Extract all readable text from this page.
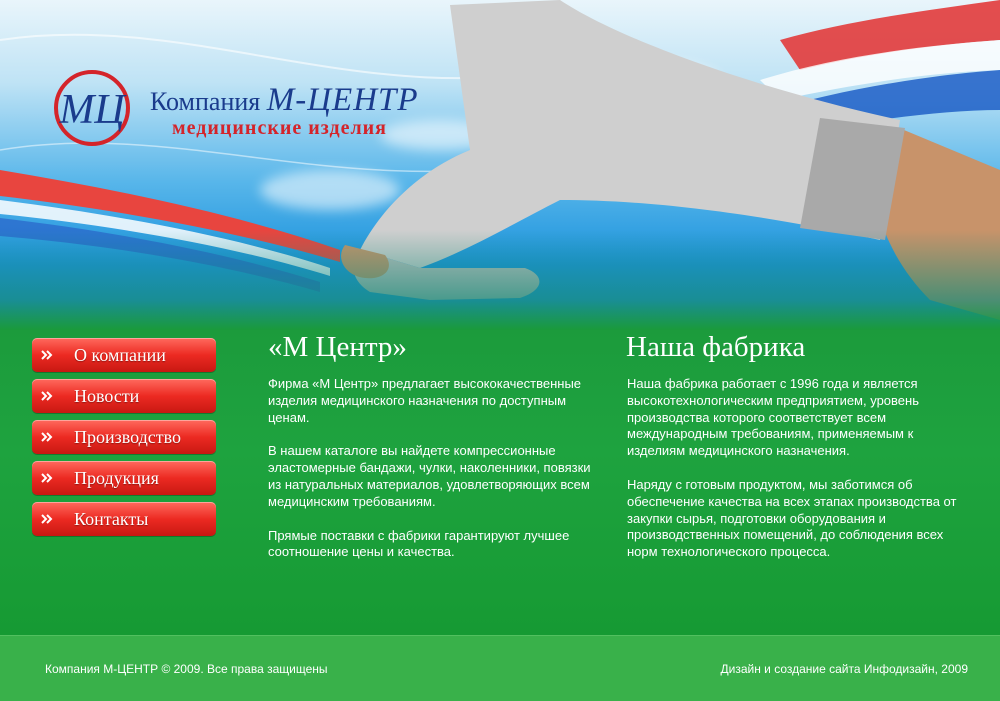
МЦ Компания М-ЦЕНТР
медицинские изделия
О компании
Новости
Производство
Продукция
Контакты
«М Центр»

Фирма «М Центр» предлагает высококачественные изделия медицинского назначения по доступным ценам.

В нашем каталоге вы найдете компрессионные эластомерные бандажи, чулки, наколенники, повязки из натуральных материалов, удовлетворяющих всем медицинским требованиям.

Прямые поставки с фабрики гарантируют лучшее соотношение цены и качества.

Наша фабрика

Наша фабрика работает с 1996 года и является высокотехнологическим предприятием, уровень производства которого соответствует всем международным требованиям, применяемым к изделиям медицинского назначения.

Наряду с готовым продуктом, мы заботимся об обеспечение качества на всех этапах производства от закупки сырья, подготовки оборудования и производственных помещений, до соблюдения всех норм технологического процесса.

Компания М-ЦЕНТР © 2009. Все права защищены	Дизайн и создание сайта Инфодизайн, 2009
